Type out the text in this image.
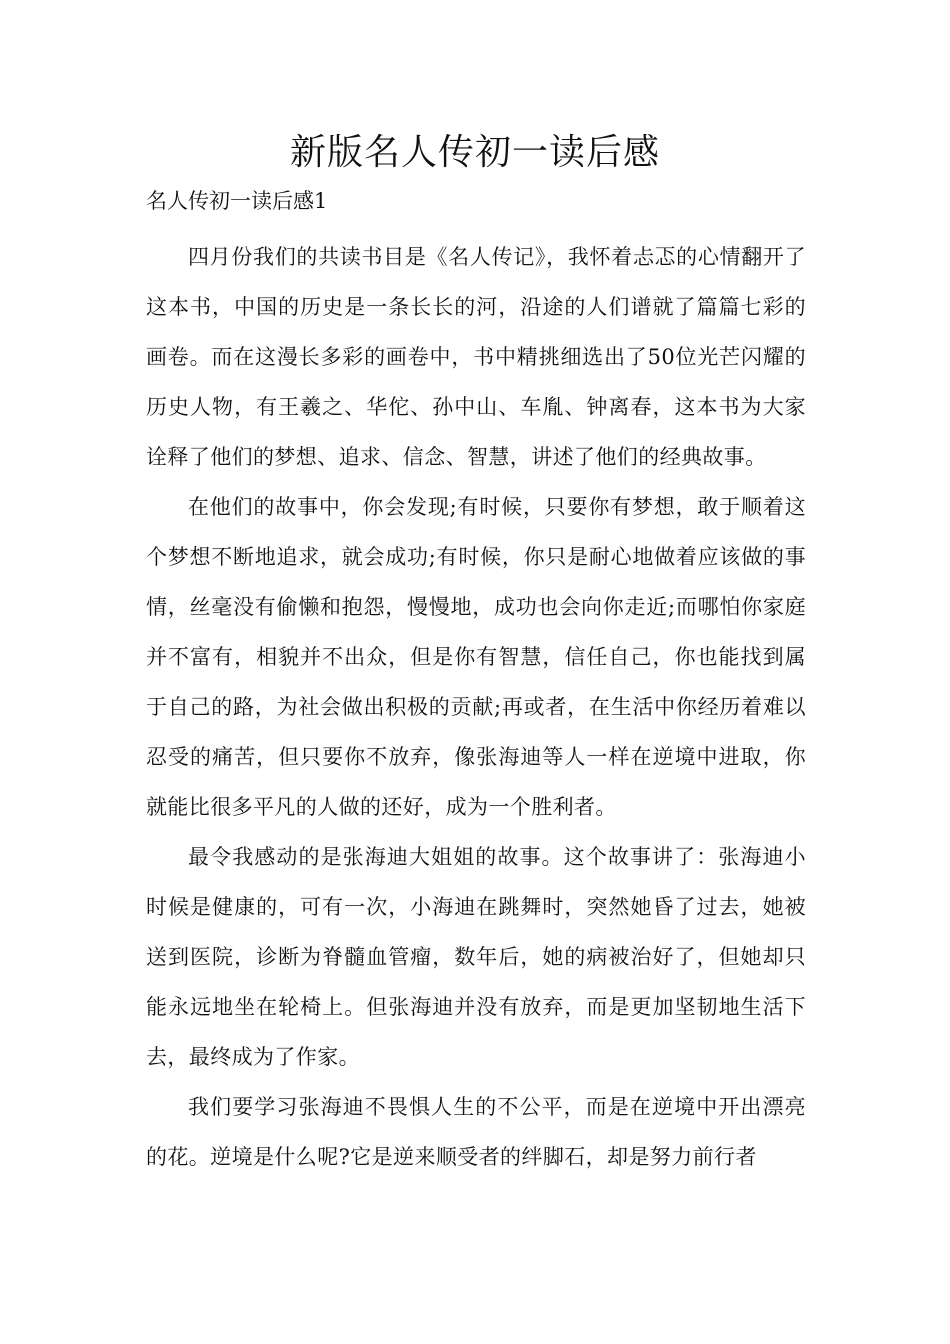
新版名人传初一读后感

名人传初一读后感1

四月份我们的共读书目是《名人传记》，我怀着忐忑的心情翻开了这本书，中国的历史是一条长长的河，沿途的人们谱就了篇篇七彩的画卷。而在这漫长多彩的画卷中，书中精挑细选出了50位光芒闪耀的历史人物，有王羲之、华佗、孙中山、车胤、钟离春，这本书为大家诠释了他们的梦想、追求、信念、智慧，讲述了他们的经典故事。

在他们的故事中，你会发现;有时候，只要你有梦想，敢于顺着这个梦想不断地追求，就会成功;有时候，你只是耐心地做着应该做的事情，丝毫没有偷懒和抱怨，慢慢地，成功也会向你走近;而哪怕你家庭并不富有，相貌并不出众，但是你有智慧，信任自己，你也能找到属于自己的路，为社会做出积极的贡献;再或者，在生活中你经历着难以忍受的痛苦，但只要你不放弃，像张海迪等人一样在逆境中进取，你就能比很多平凡的人做的还好，成为一个胜利者。

最令我感动的是张海迪大姐姐的故事。这个故事讲了：张海迪小时候是健康的，可有一次，小海迪在跳舞时，突然她昏了过去，她被送到医院，诊断为脊髓血管瘤，数年后，她的病被治好了，但她却只能永远地坐在轮椅上。但张海迪并没有放弃，而是更加坚韧地生活下去，最终成为了作家。

我们要学习张海迪不畏惧人生的不公平，而是在逆境中开出漂亮的花。逆境是什么呢?它是逆来顺受者的绊脚石，却是努力前行者
